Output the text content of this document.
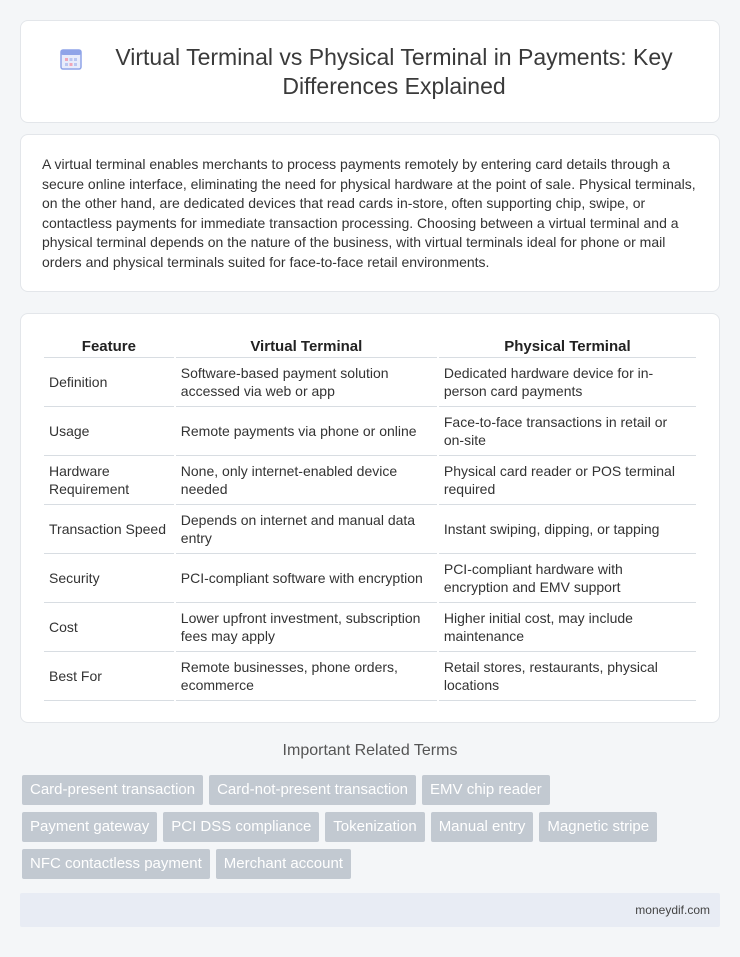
Virtual Terminal vs Physical Terminal in Payments: Key Differences Explained

A virtual terminal enables merchants to process payments remotely by entering card details through a secure online interface, eliminating the need for physical hardware at the point of sale. Physical terminals, on the other hand, are dedicated devices that read cards in-store, often supporting chip, swipe, or contactless payments for immediate transaction processing. Choosing between a virtual terminal and a physical terminal depends on the nature of the business, with virtual terminals ideal for phone or mail orders and physical terminals suited for face-to-face retail environments.

Feature	Virtual Terminal	Physical Terminal
Definition	Software-based payment solution accessed via web or app	Dedicated hardware device for in-person card payments
Usage	Remote payments via phone or online	Face-to-face transactions in retail or on-site
Hardware Requirement	None, only internet-enabled device needed	Physical card reader or POS terminal required
Transaction Speed	Depends on internet and manual data entry	Instant swiping, dipping, or tapping
Security	PCI-compliant software with encryption	PCI-compliant hardware with encryption and EMV support
Cost	Lower upfront investment, subscription fees may apply	Higher initial cost, may include maintenance
Best For	Remote businesses, phone orders, ecommerce	Retail stores, restaurants, physical locations
Important Related Terms
Card-present transaction	Card-not-present transaction	EMV chip reader
Payment gateway	PCI DSS compliance	Tokenization	Manual entry	Magnetic stripe
NFC contactless payment	Merchant account
moneydif.com
